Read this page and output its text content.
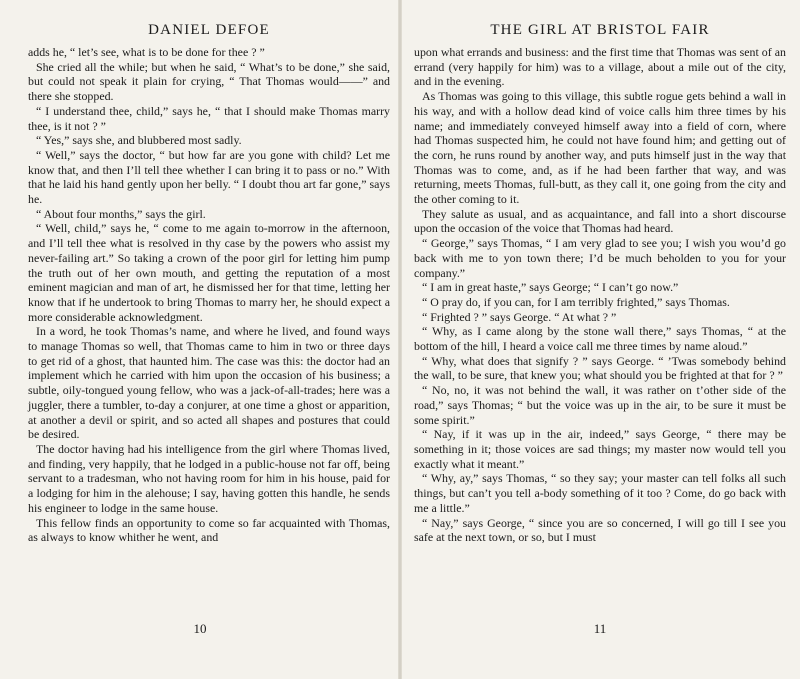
DANIEL DEFOE

adds he, “ let’s see, what is to be done for thee ? ”

She cried all the while; but when he said, “ What’s to be done,” she said, but could not speak it plain for crying, “ That Thomas would——” and there she stopped.

“ I understand thee, child,” says he, “ that I should make Thomas marry thee, is it not ? ”

“ Yes,” says she, and blubbered most sadly.

“ Well,” says the doctor, “ but how far are you gone with child? Let me know that, and then I’ll tell thee whether I can bring it to pass or no.” With that he laid his hand gently upon her belly. “ I doubt thou art far gone,” says he.

“ About four months,” says the girl.

“ Well, child,” says he, “ come to me again to-morrow in the afternoon, and I’ll tell thee what is resolved in thy case by the powers who assist my never-failing art.” So taking a crown of the poor girl for letting him pump the truth out of her own mouth, and getting the reputation of a most eminent magician and man of art, he dismissed her for that time, letting her know that if he undertook to bring Thomas to marry her, he should expect a more considerable acknowledgment.

In a word, he took Thomas’s name, and where he lived, and found ways to manage Thomas so well, that Thomas came to him in two or three days to get rid of a ghost, that haunted him. The case was this: the doctor had an implement which he carried with him upon the occasion of his business; a subtle, oily-tongued young fellow, who was a jack-of-all-trades; here was a juggler, there a tumbler, to-day a conjurer, at one time a ghost or apparition, at another a devil or spirit, and so acted all shapes and postures that could be desired.

The doctor having had his intelligence from the girl where Thomas lived, and finding, very happily, that he lodged in a public-house not far off, being servant to a tradesman, who not having room for him in his house, paid for a lodging for him in the alehouse; I say, having gotten this handle, he sends his engineer to lodge in the same house.

This fellow finds an opportunity to come so far acquainted with Thomas, as always to know whither he went, and

10
THE GIRL AT BRISTOL FAIR

upon what errands and business: and the first time that Thomas was sent of an errand (very happily for him) was to a village, about a mile out of the city, and in the evening.

As Thomas was going to this village, this subtle rogue gets behind a wall in his way, and with a hollow dead kind of voice calls him three times by his name; and immediately conveyed himself away into a field of corn, where had Thomas suspected him, he could not have found him; and getting out of the corn, he runs round by another way, and puts himself just in the way that Thomas was to come, and, as if he had been farther that way, and was returning, meets Thomas, full-butt, as they call it, one going from the city and the other coming to it.

They salute as usual, and as acquaintance, and fall into a short discourse upon the occasion of the voice that Thomas had heard.

“ George,” says Thomas, “ I am very glad to see you; I wish you wou’d go back with me to yon town there; I’d be much beholden to you for your company.”

“ I am in great haste,” says George; “ I can’t go now.”

“ O pray do, if you can, for I am terribly frighted,” says Thomas.

“ Frighted ? ” says George. “ At what ? ”

“ Why, as I came along by the stone wall there,” says Thomas, “ at the bottom of the hill, I heard a voice call me three times by name aloud.”

“ Why, what does that signify ? ” says George. “ ’Twas somebody behind the wall, to be sure, that knew you; what should you be frighted at that for ? ”

“ No, no, it was not behind the wall, it was rather on t’other side of the road,” says Thomas; “ but the voice was up in the air, to be sure it must be some spirit.”

“ Nay, if it was up in the air, indeed,” says George, “ there may be something in it; those voices are sad things; my master now would tell you exactly what it meant.”

“ Why, ay,” says Thomas, “ so they say; your master can tell folks all such things, but can’t you tell a-body something of it too ? Come, do go back with me a little.”

“ Nay,” says George, “ since you are so concerned, I will go till I see you safe at the next town, or so, but I must

11
